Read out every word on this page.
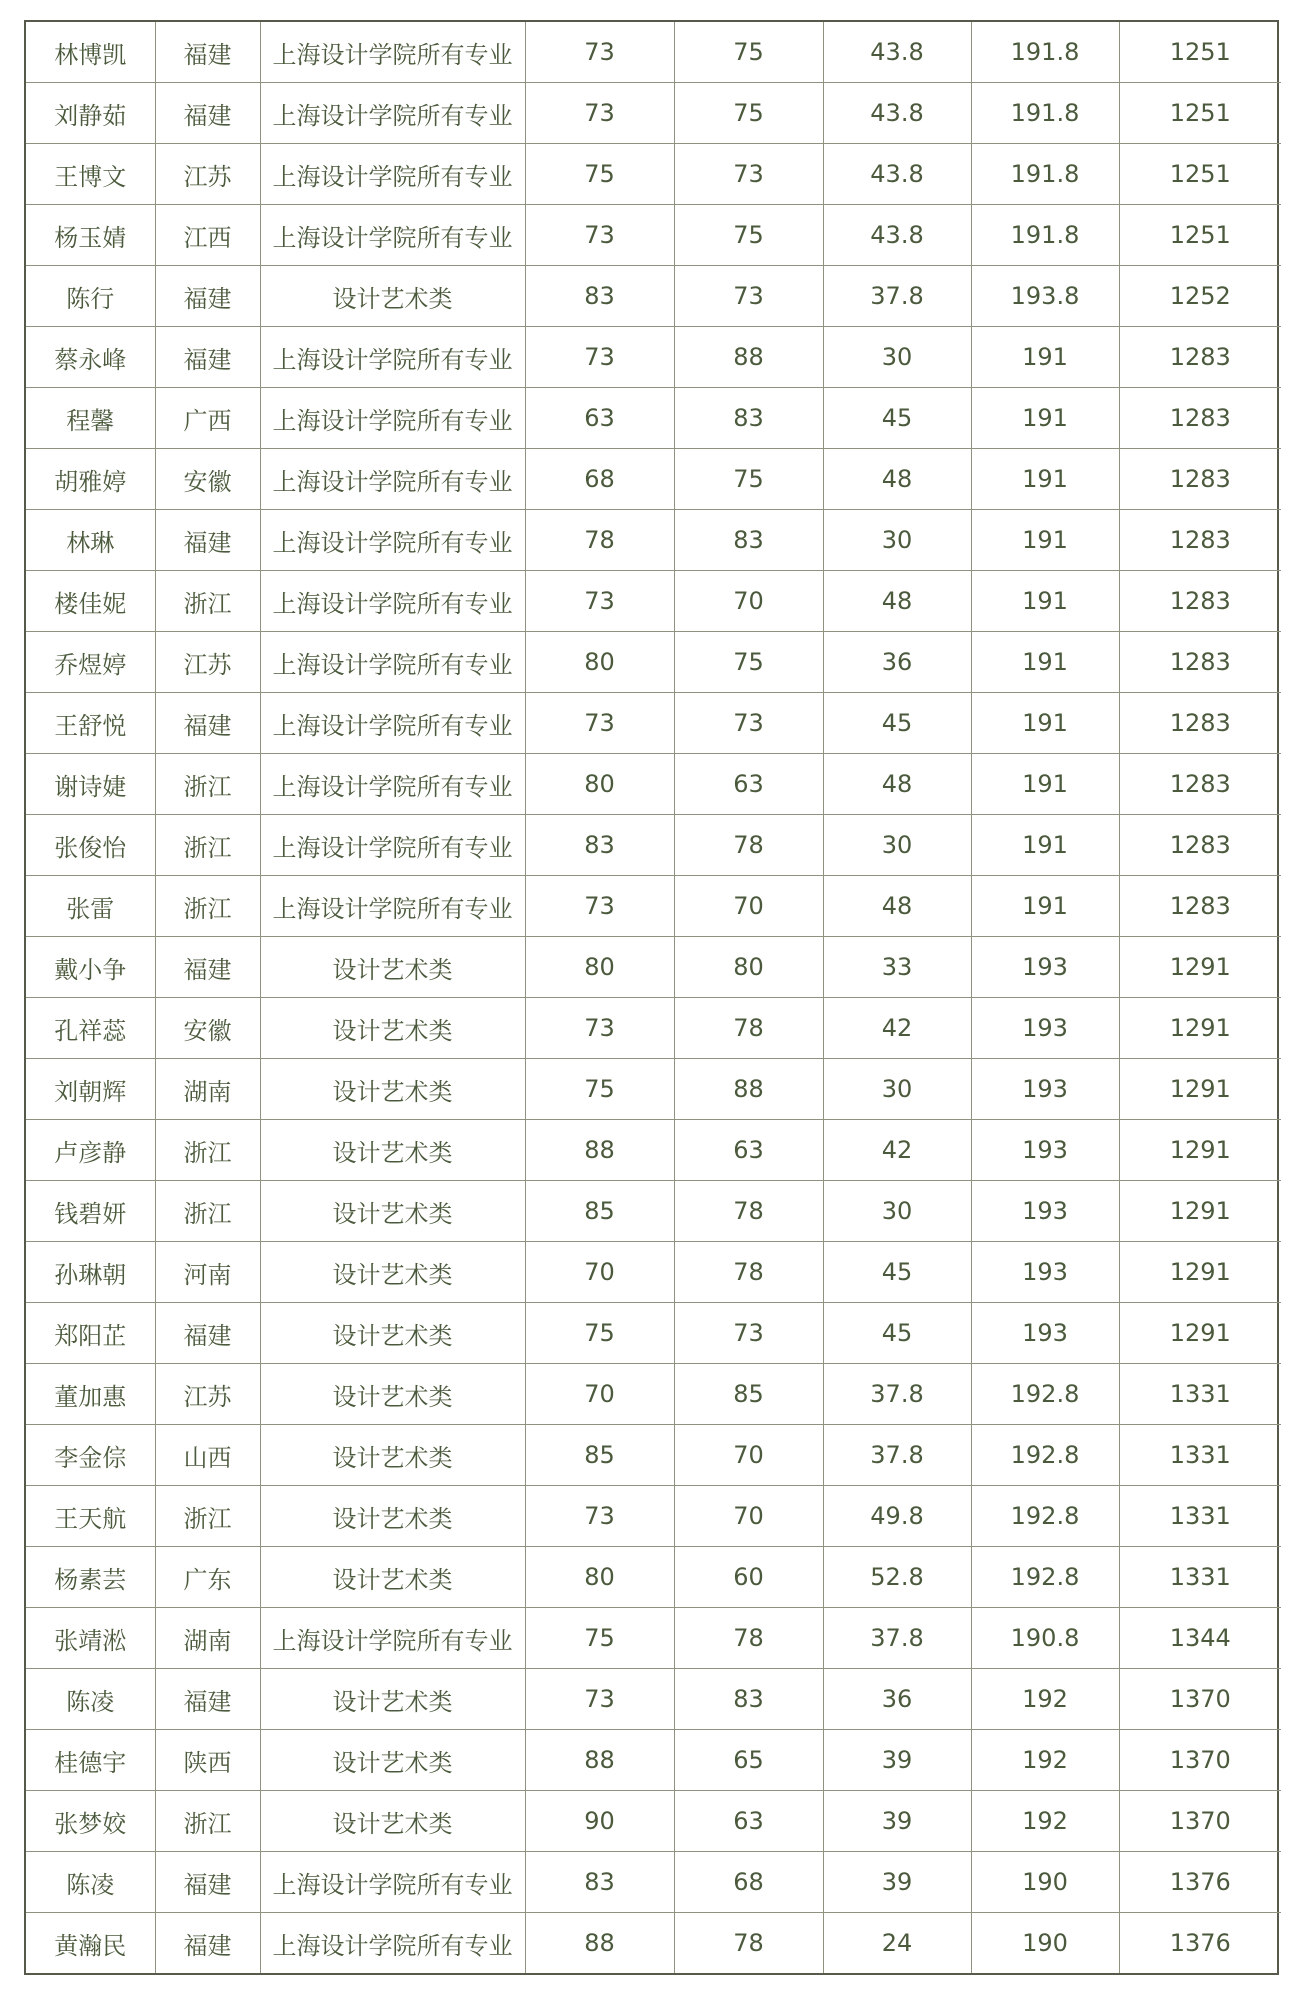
林博凯	福建	上海设计学院所有专业	73	75	43.8	191.8	1251
刘静茹	福建	上海设计学院所有专业	73	75	43.8	191.8	1251
王博文	江苏	上海设计学院所有专业	75	73	43.8	191.8	1251
杨玉婧	江西	上海设计学院所有专业	73	75	43.8	191.8	1251
陈行	福建	设计艺术类	83	73	37.8	193.8	1252
蔡永峰	福建	上海设计学院所有专业	73	88	30	191	1283
程馨	广西	上海设计学院所有专业	63	83	45	191	1283
胡雅婷	安徽	上海设计学院所有专业	68	75	48	191	1283
林琳	福建	上海设计学院所有专业	78	83	30	191	1283
楼佳妮	浙江	上海设计学院所有专业	73	70	48	191	1283
乔煜婷	江苏	上海设计学院所有专业	80	75	36	191	1283
王舒悦	福建	上海设计学院所有专业	73	73	45	191	1283
谢诗婕	浙江	上海设计学院所有专业	80	63	48	191	1283
张俊怡	浙江	上海设计学院所有专业	83	78	30	191	1283
张雷	浙江	上海设计学院所有专业	73	70	48	191	1283
戴小争	福建	设计艺术类	80	80	33	193	1291
孔祥蕊	安徽	设计艺术类	73	78	42	193	1291
刘朝辉	湖南	设计艺术类	75	88	30	193	1291
卢彦静	浙江	设计艺术类	88	63	42	193	1291
钱碧妍	浙江	设计艺术类	85	78	30	193	1291
孙琳朝	河南	设计艺术类	70	78	45	193	1291
郑阳芷	福建	设计艺术类	75	73	45	193	1291
董加惠	江苏	设计艺术类	70	85	37.8	192.8	1331
李金倧	山西	设计艺术类	85	70	37.8	192.8	1331
王天航	浙江	设计艺术类	73	70	49.8	192.8	1331
杨素芸	广东	设计艺术类	80	60	52.8	192.8	1331
张靖淞	湖南	上海设计学院所有专业	75	78	37.8	190.8	1344
陈凌	福建	设计艺术类	73	83	36	192	1370
桂德宇	陕西	设计艺术类	88	65	39	192	1370
张梦姣	浙江	设计艺术类	90	63	39	192	1370
陈凌	福建	上海设计学院所有专业	83	68	39	190	1376
黄瀚民	福建	上海设计学院所有专业	88	78	24	190	1376
